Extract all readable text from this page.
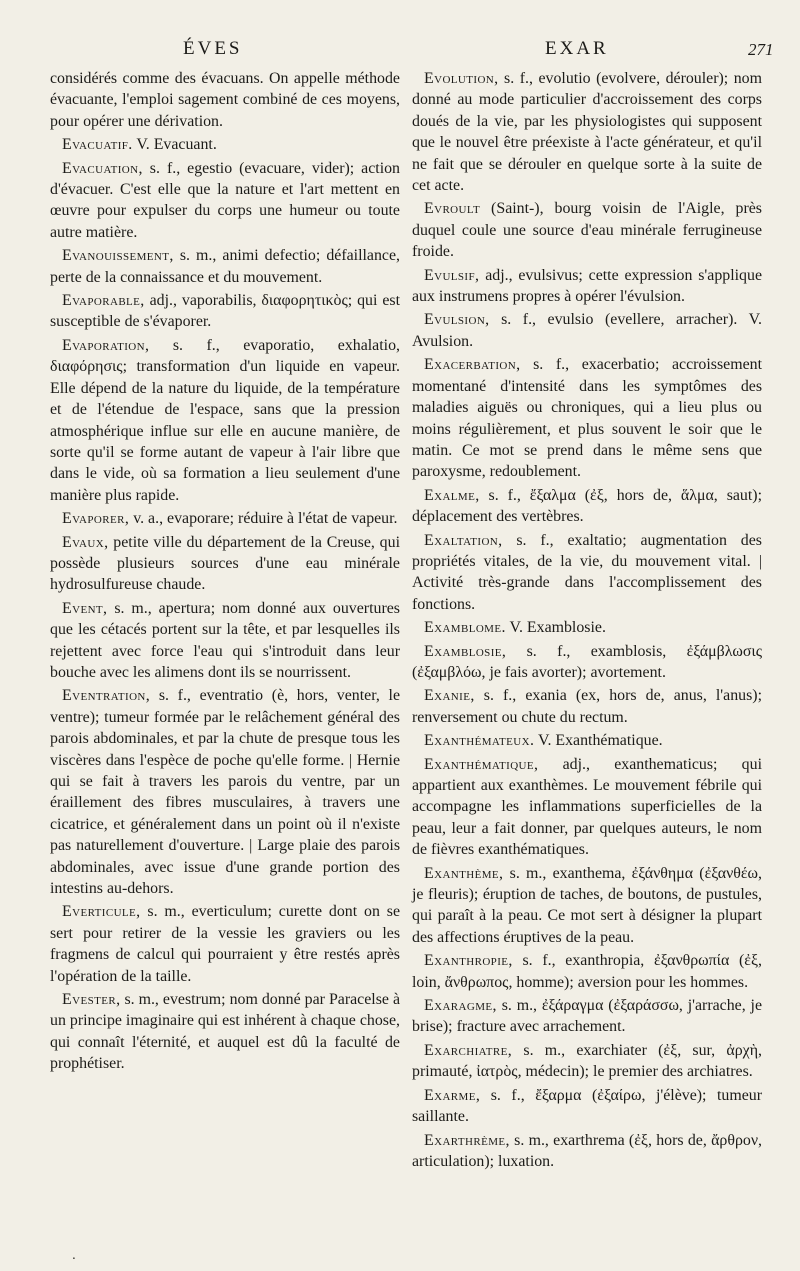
ÉVES	EXAR	271

considérés comme des évacuans. On appelle méthode évacuante, l'emploi sagement combiné de ces moyens, pour opérer une dérivation.

Evacuatif. V. Evacuant.

Evacuation, s. f., egestio (evacuare, vider); action d'évacuer. C'est elle que la nature et l'art mettent en œuvre pour expulser du corps une humeur ou toute autre matière.

Evanouissement, s. m., animi defectio; défaillance, perte de la connaissance et du mouvement.

Evaporable, adj., vaporabilis, διαφορητικὸς; qui est susceptible de s'évaporer.

Evaporation, s. f., evaporatio, exhalatio, διαφόρησις; transformation d'un liquide en vapeur. Elle dépend de la nature du liquide, de la température et de l'étendue de l'espace, sans que la pression atmosphérique influe sur elle en aucune manière, de sorte qu'il se forme autant de vapeur à l'air libre que dans le vide, où sa formation a lieu seulement d'une manière plus rapide.

Evaporer, v. a., evaporare; réduire à l'état de vapeur.

Evaux, petite ville du département de la Creuse, qui possède plusieurs sources d'une eau minérale hydrosulfureuse chaude.

Event, s. m., apertura; nom donné aux ouvertures que les cétacés portent sur la tête, et par lesquelles ils rejettent avec force l'eau qui s'introduit dans leur bouche avec les alimens dont ils se nourrissent.

Eventration, s. f., eventratio (è, hors, venter, le ventre); tumeur formée par le relâchement général des parois abdominales, et par la chute de presque tous les viscères dans l'espèce de poche qu'elle forme. | Hernie qui se fait à travers les parois du ventre, par un éraillement des fibres musculaires, à travers une cicatrice, et généralement dans un point où il n'existe pas naturellement d'ouverture. | Large plaie des parois abdominales, avec issue d'une grande portion des intestins au-dehors.

Everticule, s. m., everticulum; curette dont on se sert pour retirer de la vessie les graviers ou les fragmens de calcul qui pourraient y être restés après l'opération de la taille.

Evester, s. m., evestrum; nom donné par Paracelse à un principe imaginaire qui est inhérent à chaque chose, qui connaît l'éternité, et auquel est dû la faculté de prophétiser.

Evolution, s. f., evolutio (evolvere, dérouler); nom donné au mode particulier d'accroissement des corps doués de la vie, par les physiologistes qui supposent que le nouvel être préexiste à l'acte générateur, et qu'il ne fait que se dérouler en quelque sorte à la suite de cet acte.

Evroult (Saint-), bourg voisin de l'Aigle, près duquel coule une source d'eau minérale ferrugineuse froide.

Evulsif, adj., evulsivus; cette expression s'applique aux instrumens propres à opérer l'évulsion.

Evulsion, s. f., evulsio (evellere, arracher). V. Avulsion.

Exacerbation, s. f., exacerbatio; accroissement momentané d'intensité dans les symptômes des maladies aiguës ou chroniques, qui a lieu plus ou moins régulièrement, et plus souvent le soir que le matin. Ce mot se prend dans le même sens que paroxysme, redoublement.

Exalme, s. f., ἔξαλμα (ἐξ, hors de, ἅλμα, saut); déplacement des vertèbres.

Exaltation, s. f., exaltatio; augmentation des propriétés vitales, de la vie, du mouvement vital. | Activité très-grande dans l'accomplissement des fonctions.

Examblome. V. Examblosie.

Examblosie, s. f., examblosis, ἐξάμβλωσις (ἐξαμβλόω, je fais avorter); avortement.

Exanie, s. f., exania (ex, hors de, anus, l'anus); renversement ou chute du rectum.

Exanthémateux. V. Exanthématique.

Exanthématique, adj., exanthematicus; qui appartient aux exanthèmes. Le mouvement fébrile qui accompagne les inflammations superficielles de la peau, leur a fait donner, par quelques auteurs, le nom de fièvres exanthématiques.

Exanthème, s. m., exanthema, ἐξάνθημα (ἐξανθέω, je fleuris); éruption de taches, de boutons, de pustules, qui paraît à la peau. Ce mot sert à désigner la plupart des affections éruptives de la peau.

Exanthropie, s. f., exanthropia, ἐξανθρωπία (ἐξ, loin, ἄνθρωπος, homme); aversion pour les hommes.

Exaragme, s. m., ἐξάραγμα (ἐξαράσσω, j'arrache, je brise); fracture avec arrachement.

Exarchiatre, s. m., exarchiater (ἐξ, sur, ἀρχὴ, primauté, ἰατρὸς, médecin); le premier des archiatres.

Exarme, s. f., ἔξαρμα (ἐξαίρω, j'élève); tumeur saillante.

Exarthrème, s. m., exarthrema (ἐξ, hors de, ἄρθρον, articulation); luxation.

.
